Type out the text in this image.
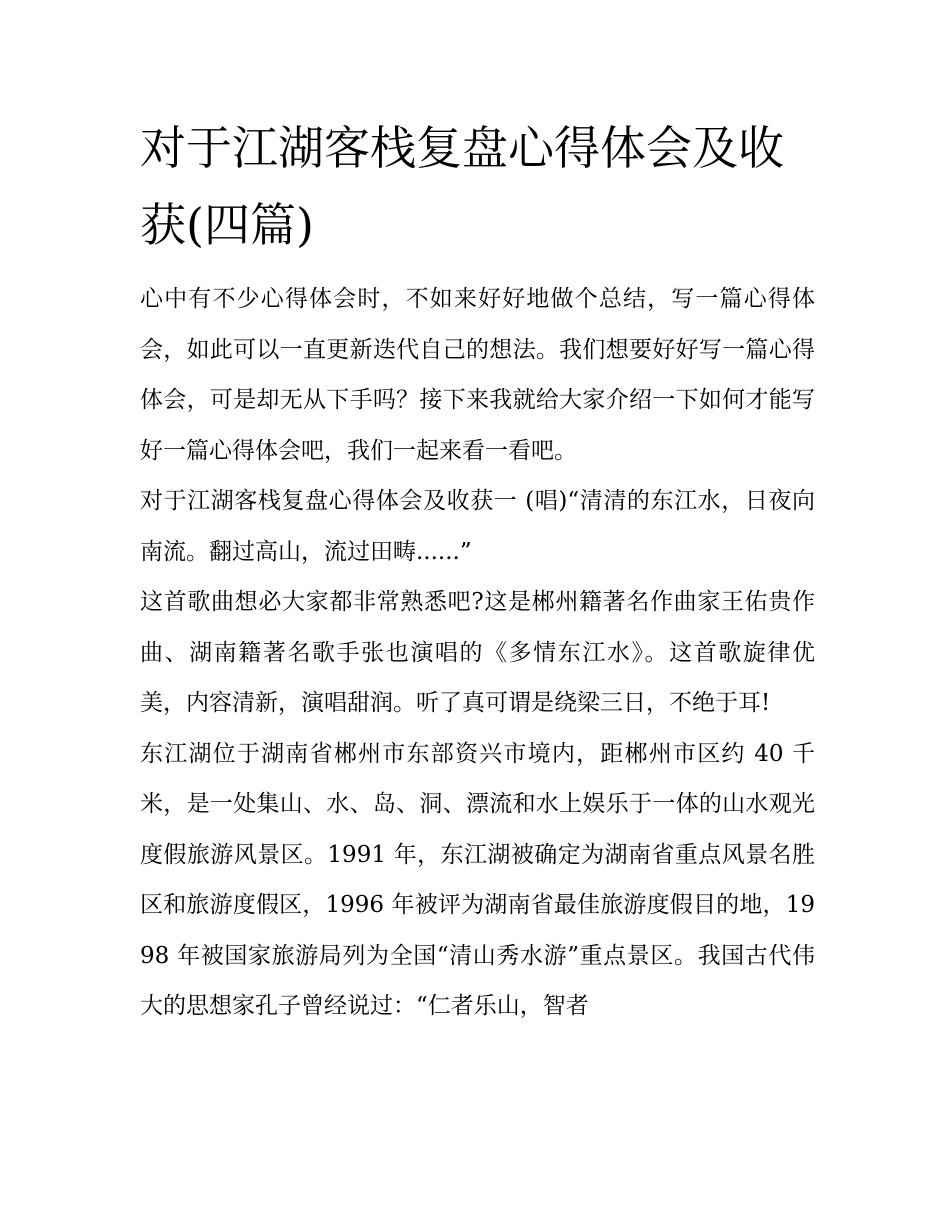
对于江湖客栈复盘心得体会及收获(四篇)

心中有不少心得体会时，不如来好好地做个总结，写一篇心得体会，如此可以一直更新迭代自己的想法。我们想要好好写一篇心得体会，可是却无从下手吗？接下来我就给大家介绍一下如何才能写好一篇心得体会吧，我们一起来看一看吧。

对于江湖客栈复盘心得体会及收获一 (唱)“清清的东江水，日夜向南流。翻过高山，流过田畴......”

这首歌曲想必大家都非常熟悉吧?这是郴州籍著名作曲家王佑贵作曲、湖南籍著名歌手张也演唱的《多情东江水》。这首歌旋律优美，内容清新，演唱甜润。听了真可谓是绕梁三日，不绝于耳!

东江湖位于湖南省郴州市东部资兴市境内，距郴州市区约 40 千米，是一处集山、水、岛、洞、漂流和水上娱乐于一体的山水观光度假旅游风景区。1991 年，东江湖被确定为湖南省重点风景名胜区和旅游度假区，1996 年被评为湖南省最佳旅游度假目的地，1998 年被国家旅游局列为全国“清山秀水游”重点景区。我国古代伟大的思想家孔子曾经说过：“仁者乐山，智者
